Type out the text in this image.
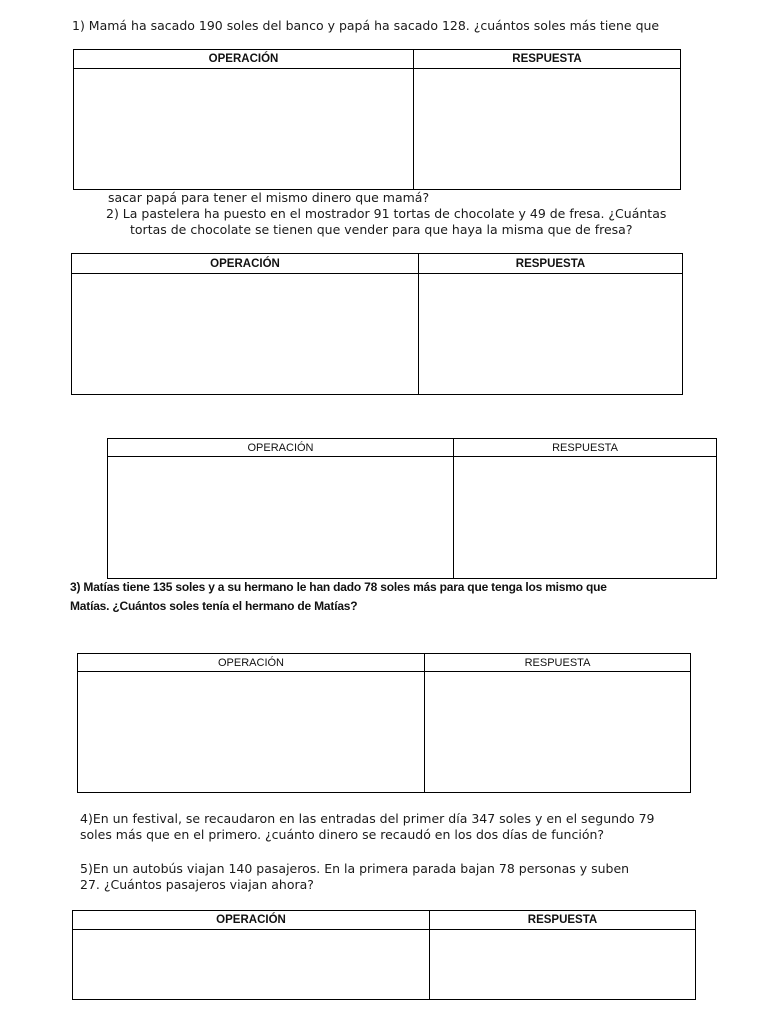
1) Mamá ha sacado 190 soles del banco y papá ha sacado 128. ¿cuántos soles más tiene que
OPERACIÓN	RESPUESTA
sacar papá para tener el mismo dinero que mamá?
2) La pastelera ha puesto en el mostrador 91 tortas de chocolate y 49 de fresa. ¿Cuántas
tortas de chocolate se tienen que vender para que haya la misma que de fresa?
OPERACIÓN	RESPUESTA
OPERACIÓN	RESPUESTA
3) Matías tiene 135 soles y a su hermano le han dado 78 soles más para que tenga los mismo que
Matías. ¿Cuántos soles tenía el hermano de Matías?
OPERACIÓN	RESPUESTA
4)En un festival, se recaudaron en las entradas del primer día 347 soles y en el segundo 79
soles más que en el primero. ¿cuánto dinero se recaudó en los dos días de función?
5)En un autobús viajan 140 pasajeros. En la primera parada bajan 78 personas y suben
27. ¿Cuántos pasajeros viajan ahora?
OPERACIÓN	RESPUESTA
